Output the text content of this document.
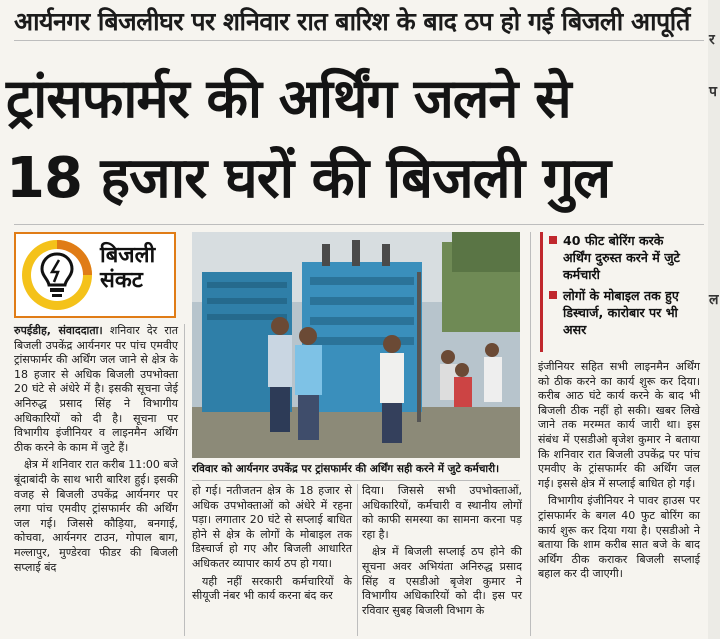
र
प
ल
आर्यनगर बिजलीघर पर शनिवार रात बारिश के बाद ठप हो गई बिजली आपूर्ति
ट्रांसफार्मर की अर्थिंग जलने से
18 हजार घरों की बिजली गुल
बिजली
संकट
रविवार को आर्यनगर उपकेंद्र पर ट्रांसफार्मर की अर्थिंग सही करने में जुटे कर्मचारी।
40 फीट बोरिंग करके अर्थिंग दुरुस्त करने में जुटे कर्मचारी
लोगों के मोबाइल तक हुए डिस्चार्ज, कारोबार पर भी असर

रुपईडीह, संवाददाता। शनिवार देर रात बिजली उपकेंद्र आर्यनगर पर पांच एमवीए ट्रांसफार्मर की अर्थिंग जल जाने से क्षेत्र के 18 हजार से अधिक बिजली उपभोक्ता 20 घंटे से अंधेरे में है। इसकी सूचना जेई अनिरुद्ध प्रसाद सिंह ने विभागीय अधिकारियों को दी है। सूचना पर विभागीय इंजीनियर व लाइनमैन अर्थिंग ठीक करने के काम में जुटे हैं।

क्षेत्र में शनिवार रात करीब 11:00 बजे बूंदाबांदी के साथ भारी बारिश हुई। इसकी वजह से बिजली उपकेंद्र आर्यनगर पर लगा पांच एमवीए ट्रांसफार्मर की अर्थिंग जल गई। जिससे कौड़िया, बनगाई, कोचवा, आर्यनगर टाउन, गोपाल बाग, मल्लापुर, मुण्डेरवा फीडर की बिजली सप्लाई बंद

हो गई। नतीजतन क्षेत्र के 18 हजार से अधिक उपभोक्ताओं को अंधेरे में रहना पड़ा। लगातार 20 घंटे से सप्लाई बाधित होने से क्षेत्र के लोगों के मोबाइल तक डिस्चार्ज हो गए और बिजली आधारित अधिकतर व्यापार कार्य ठप हो गया।

यही नहीं सरकारी कर्मचारियों के सीयूजी नंबर भी कार्य करना बंद कर

दिया। जिससे सभी उपभोक्ताओं, अधिकारियों, कर्मचारी व स्थानीय लोगों को काफी समस्या का सामना करना पड़ रहा है।

क्षेत्र में बिजली सप्लाई ठप होने की सूचना अवर अभियंता अनिरुद्ध प्रसाद सिंह व एसडीओ बृजेश कुमार ने विभागीय अधिकारियों को दी। इस पर रविवार सुबह बिजली विभाग के

इंजीनियर सहित सभी लाइनमैन अर्थिंग को ठीक करने का कार्य शुरू कर दिया। करीब आठ घंटे कार्य करने के बाद भी बिजली ठीक नहीं हो सकी। खबर लिखे जाने तक मरम्मत कार्य जारी था। इस संबंध में एसडीओ बृजेश कुमार ने बताया कि शनिवार रात बिजली उपकेंद्र पर पांच एमवीए के ट्रांसफार्मर की अर्थिंग जल गई। इससे क्षेत्र में सप्लाई बाधित हो गई।

विभागीय इंजीनियर ने पावर हाउस पर ट्रांसफार्मर के बगल 40 फुट बोरिंग का कार्य शुरू कर दिया गया है। एसडीओ ने बताया कि शाम करीब सात बजे के बाद अर्थिंग ठीक कराकर बिजली सप्लाई बहाल कर दी जाएगी।
